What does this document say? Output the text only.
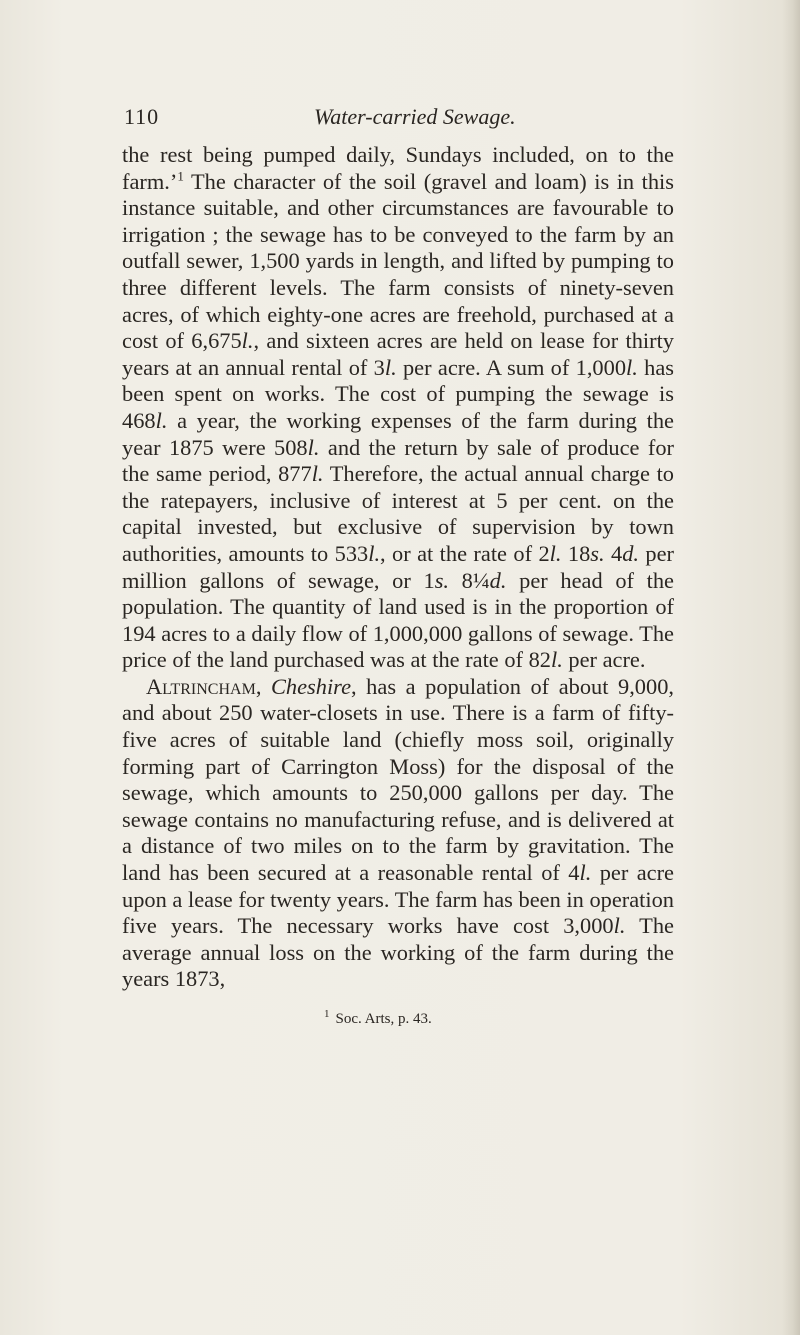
110	Water-carried Sewage.

the rest being pumped daily, Sundays included, on to the farm.’$^1$ The character of the soil (gravel and loam) is in this instance suitable, and other circumstances are favourable to irrigation ; the sewage has to be conveyed to the farm by an outfall sewer, 1,500 yards in length, and lifted by pumping to three different levels. The farm consists of ninety-seven acres, of which eighty-one acres are freehold, purchased at a cost of 6,675l., and sixteen acres are held on lease for thirty years at an annual rental of 3l. per acre. A sum of 1,000l. has been spent on works. The cost of pumping the sewage is 468l. a year, the working expenses of the farm during the year 1875 were 508l. and the return by sale of produce for the same period, 877l. Therefore, the actual annual charge to the ratepayers, inclusive of interest at 5 per cent. on the capital invested, but exclusive of supervision by town authorities, amounts to 533l., or at the rate of 2l. 18s. 4d. per million gallons of sewage, or 1s. 8¼d. per head of the population. The quantity of land used is in the proportion of 194 acres to a daily flow of 1,000,000 gallons of sewage. The price of the land purchased was at the rate of 82l. per acre.

Altrincham, Cheshire, has a population of about 9,000, and about 250 water-closets in use. There is a farm of fifty-five acres of suitable land (chiefly moss soil, originally forming part of Carrington Moss) for the disposal of the sewage, which amounts to 250,000 gallons per day. The sewage contains no manufacturing refuse, and is delivered at a distance of two miles on to the farm by gravitation. The land has been secured at a reasonable rental of 4l. per acre upon a lease for twenty years. The farm has been in operation five years. The necessary works have cost 3,000l. The average annual loss on the working of the farm during the years 1873,

$^1$ Soc. Arts, p. 43.
